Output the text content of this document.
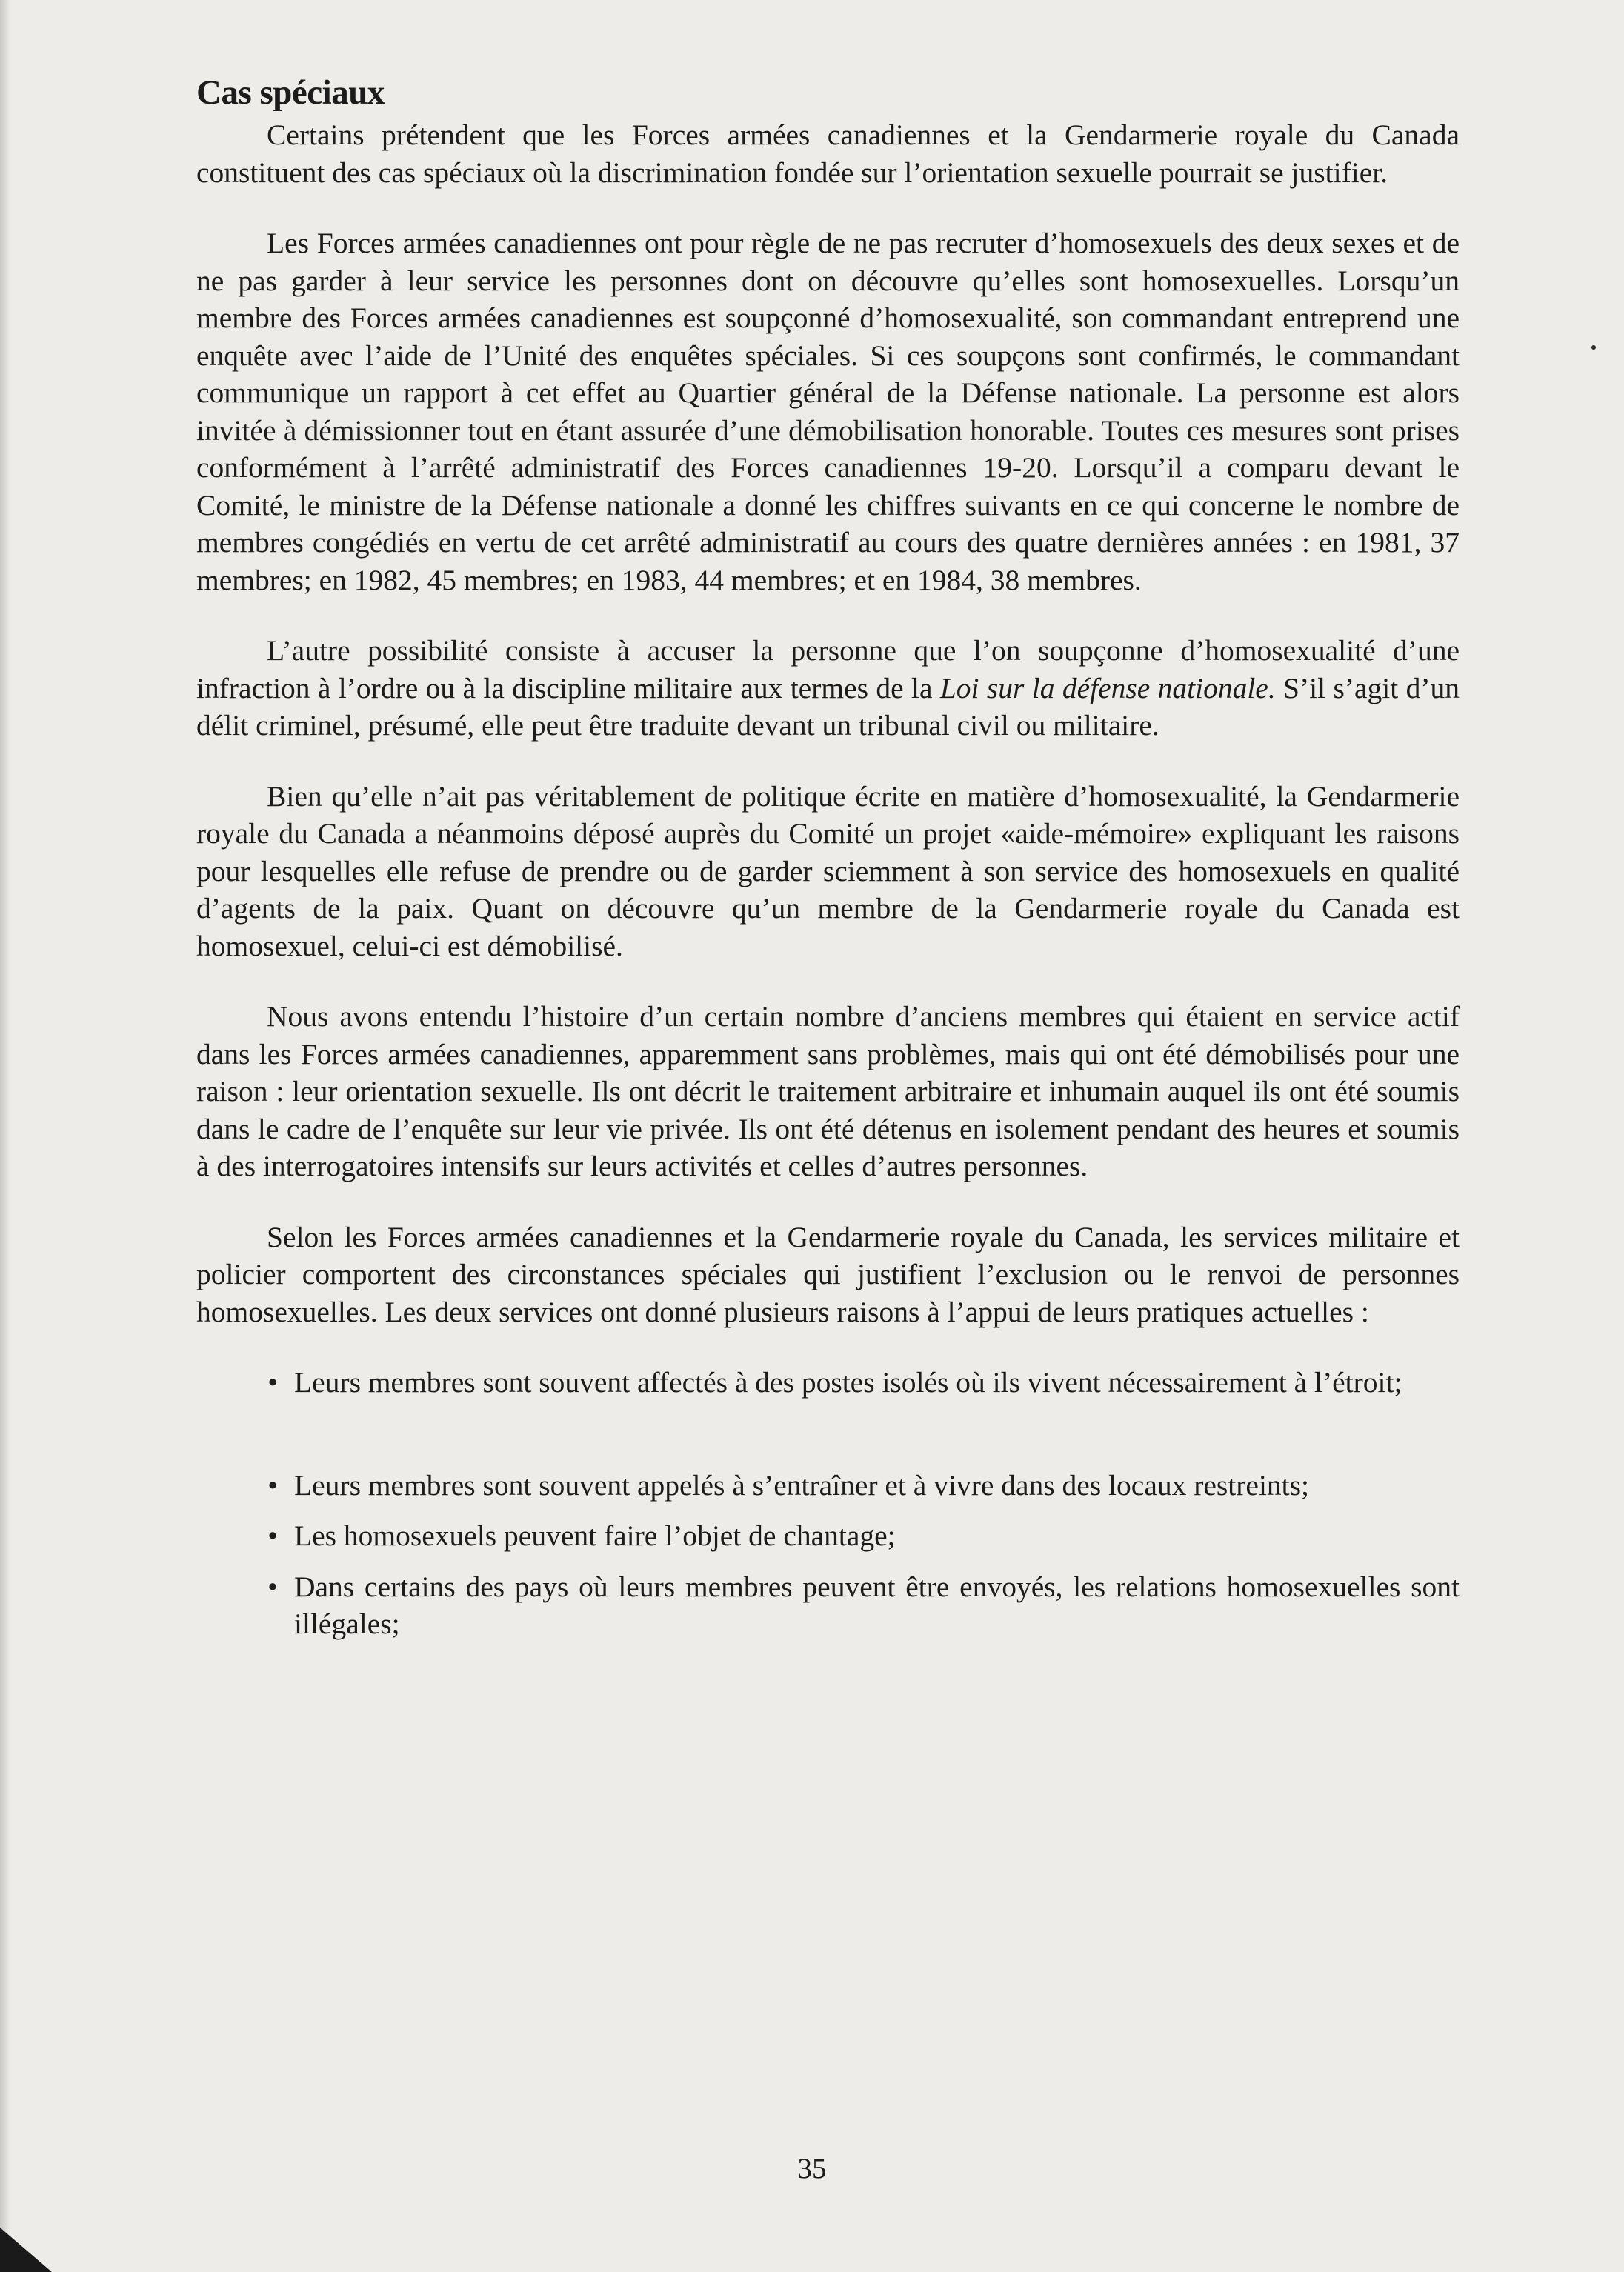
Cas spéciaux

Certains prétendent que les Forces armées canadiennes et la Gendarmerie royale du Canada constituent des cas spéciaux où la discrimination fondée sur l’orientation sexuelle pourrait se justifier.

Les Forces armées canadiennes ont pour règle de ne pas recruter d’homosexuels des deux sexes et de ne pas garder à leur service les personnes dont on découvre qu’elles sont homosexuelles. Lorsqu’un membre des Forces armées canadiennes est soupçonné d’homosexualité, son commandant entreprend une enquête avec l’aide de l’Unité des enquêtes spéciales. Si ces soupçons sont confirmés, le commandant communique un rapport à cet effet au Quartier général de la Défense nationale. La personne est alors invitée à démissionner tout en étant assurée d’une démobilisation honorable. Toutes ces mesures sont prises conformément à l’arrêté administratif des Forces canadiennes 19-20. Lorsqu’il a comparu devant le Comité, le ministre de la Défense nationale a donné les chiffres suivants en ce qui concerne le nombre de membres congédiés en vertu de cet arrêté administratif au cours des quatre dernières années : en 1981, 37 membres; en 1982, 45 membres; en 1983, 44 membres; et en 1984, 38 membres.

L’autre possibilité consiste à accuser la personne que l’on soupçonne d’homosexualité d’une infraction à l’ordre ou à la discipline militaire aux termes de la Loi sur la défense nationale. S’il s’agit d’un délit criminel, présumé, elle peut être traduite devant un tribunal civil ou militaire.

Bien qu’elle n’ait pas véritablement de politique écrite en matière d’homosexualité, la Gendarmerie royale du Canada a néanmoins déposé auprès du Comité un projet «aide-mémoire» expliquant les raisons pour lesquelles elle refuse de prendre ou de garder sciemment à son service des homosexuels en qualité d’agents de la paix. Quant on découvre qu’un membre de la Gendarmerie royale du Canada est homosexuel, celui-ci est démobilisé.

Nous avons entendu l’histoire d’un certain nombre d’anciens membres qui étaient en service actif dans les Forces armées canadiennes, apparemment sans problèmes, mais qui ont été démobilisés pour une raison : leur orientation sexuelle. Ils ont décrit le traitement arbitraire et inhumain auquel ils ont été soumis dans le cadre de l’enquête sur leur vie privée. Ils ont été détenus en isolement pendant des heures et soumis à des interrogatoires intensifs sur leurs activités et celles d’autres personnes.

Selon les Forces armées canadiennes et la Gendarmerie royale du Canada, les services militaire et policier comportent des circonstances spéciales qui justifient l’exclusion ou le renvoi de personnes homosexuelles. Les deux services ont donné plusieurs raisons à l’appui de leurs pratiques actuelles :

• Leurs membres sont souvent affectés à des postes isolés où ils vivent nécessairement à l’étroit;
• Leurs membres sont souvent appelés à s’entraîner et à vivre dans des locaux restreints;
• Les homosexuels peuvent faire l’objet de chantage;
• Dans certains des pays où leurs membres peuvent être envoyés, les relations homosexuelles sont illégales;
35
